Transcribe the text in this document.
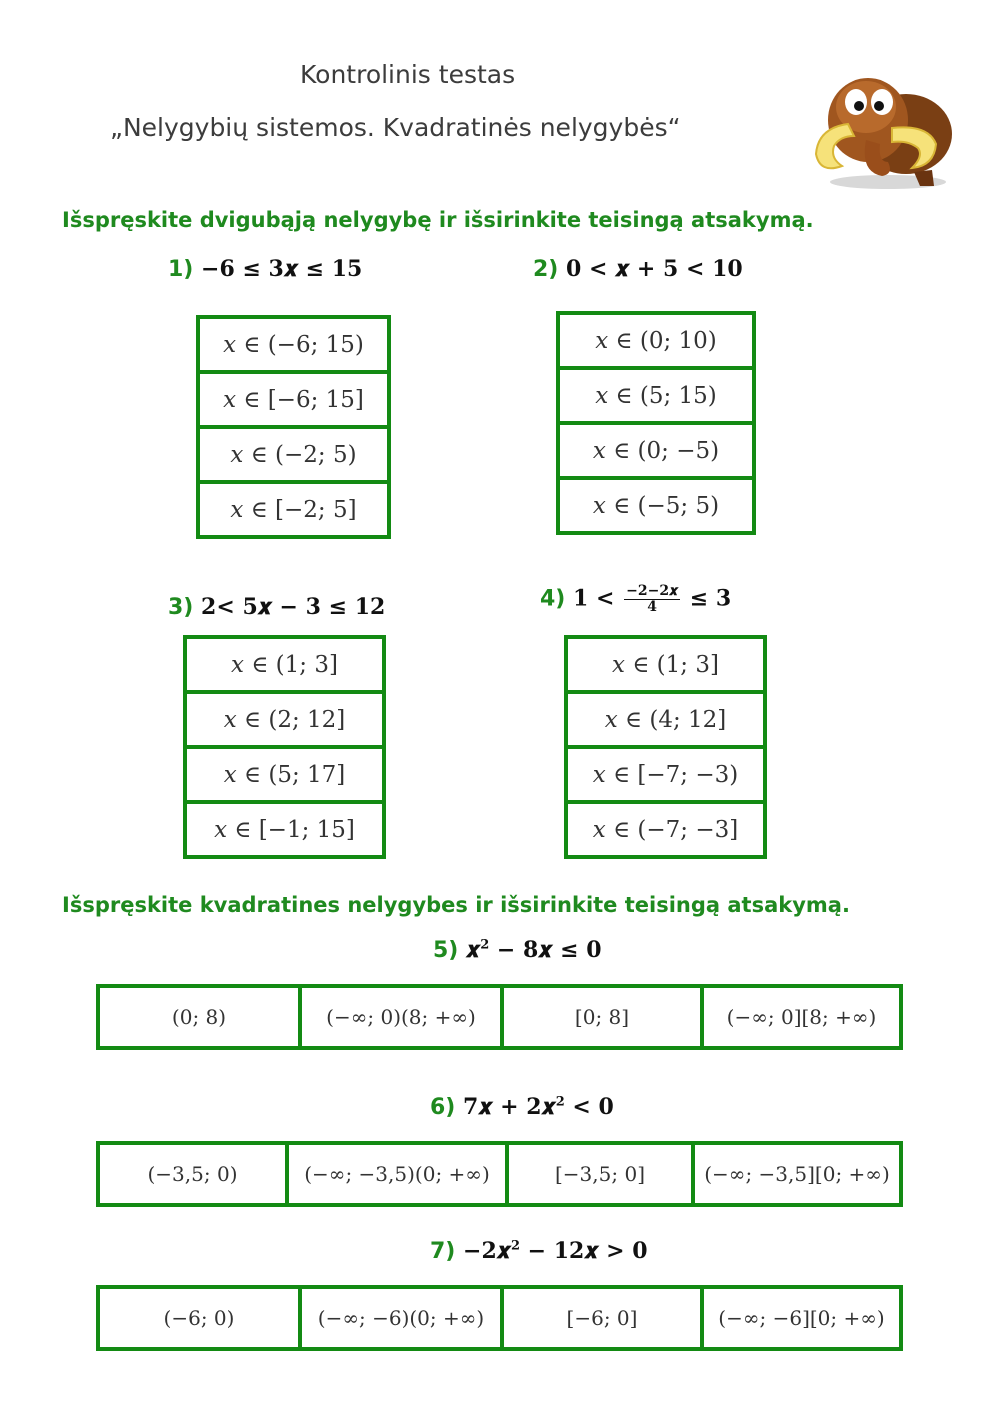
Kontrolinis testas
„Nelygybių sistemos. Kvadratinės nelygybės“
Išspręskite dvigubąją nelygybę ir išsirinkite teisingą atsakymą.
1) −6 ≤ 3𝒙 ≤ 15
𝑥 ∈ (−6; 15)
𝑥 ∈ [−6; 15]
𝑥 ∈ (−2; 5)
𝑥 ∈ [−2; 5]
2) 0 < 𝒙 + 5 < 10
𝑥 ∈ (0; 10)
𝑥 ∈ (5; 15)
𝑥 ∈ (0; −5)
𝑥 ∈ (−5; 5)
3) 2< 5𝒙 − 3 ≤ 12
𝑥 ∈ (1; 3]
𝑥 ∈ (2; 12]
𝑥 ∈ (5; 17]
𝑥 ∈ [−1; 15]
4) $1 < \frac{\text{−2−2𝒙}}{4} \le 3$
𝑥 ∈ (1; 3]
𝑥 ∈ (4; 12]
𝑥 ∈ [−7; −3)
𝑥 ∈ (−7; −3]
Išspręskite kvadratines nelygybes ir išsirinkite teisingą atsakymą.
5) 𝒙$^2$ − 8𝒙 ≤ 0
(0; 8)	(−∞; 0)(8; +∞)	[0; 8]	(−∞; 0][8; +∞)
6) 7𝒙 + 2𝒙$^2$ < 0
(−3,5; 0)	(−∞; −3,5)(0; +∞)	[−3,5; 0]	(−∞; −3,5][0; +∞)
7) −2𝒙$^2$ − 12𝒙 > 0
(−6; 0)	(−∞; −6)(0; +∞)	[−6; 0]	(−∞; −6][0; +∞)
